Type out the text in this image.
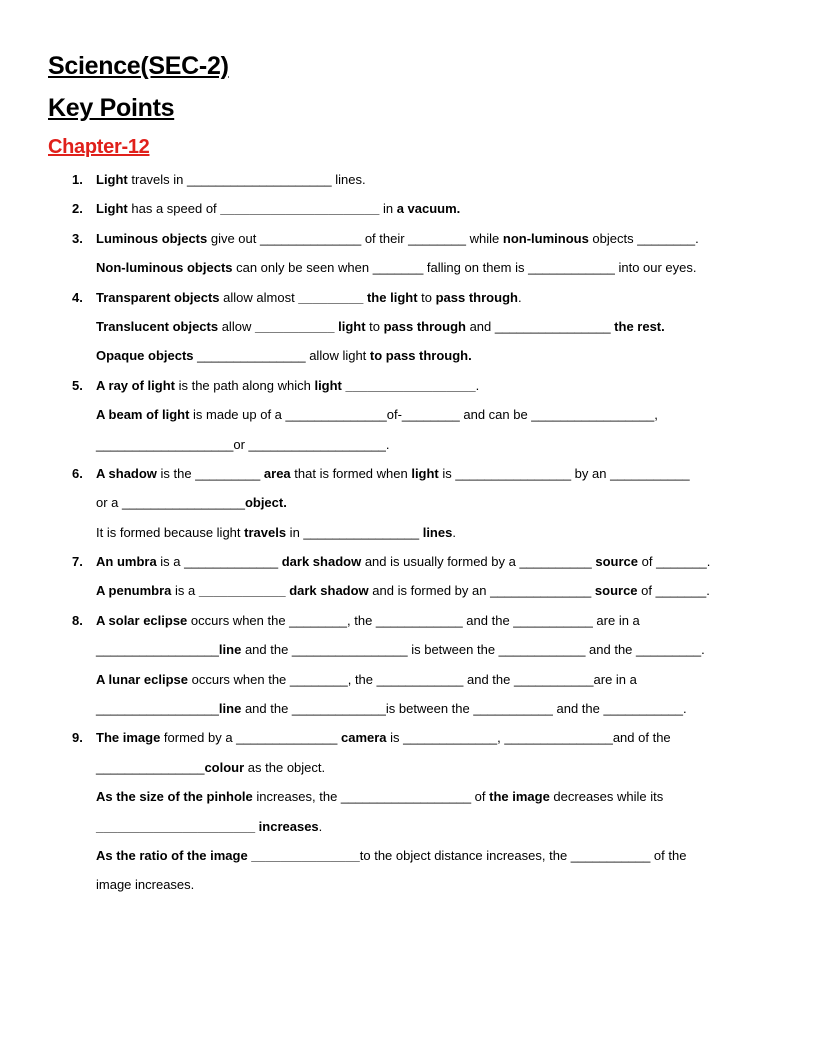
Science(SEC-2)
Key Points
Chapter-12
1. Light travels in ____________________ lines.
2. Light has a speed of ______________________ in a vacuum.
3. Luminous objects give out ______________ of their ________ while non-luminous objects ________.
Non-luminous objects can only be seen when _______ falling on them is ____________ into our eyes.
4. Transparent objects allow almost _________ the light to pass through.
Translucent objects allow ___________ light to pass through and ________________ the rest.
Opaque objects _______________ allow light to pass through.
5. A ray of light is the path along which light __________________.
A beam of light is made up of a ______________of-________ and can be _________________,
___________________or ___________________.
6. A shadow is the _________ area that is formed when light is ________________ by an ___________
or a _________________object.
It is formed because light travels in ________________ lines.
7. An umbra is a _____________ dark shadow and is usually formed by a __________ source of _______.
A penumbra is a ____________ dark shadow and is formed by an ______________ source of _______.
8. A solar eclipse occurs when the ________, the ____________ and the ___________ are in a
_________________line and the ________________ is between the ____________ and the _________.
A lunar eclipse occurs when the ________, the ____________ and the ___________are in a
_________________line and the _____________is between the ___________ and the ___________.
9. The image formed by a ______________ camera is _____________, _______________and of the
_______________colour as the object.
As the size of the pinhole increases, the __________________ of the image decreases while its
______________________ increases.
As the ratio of the image _______________to the object distance increases, the ___________ of the
image increases.
